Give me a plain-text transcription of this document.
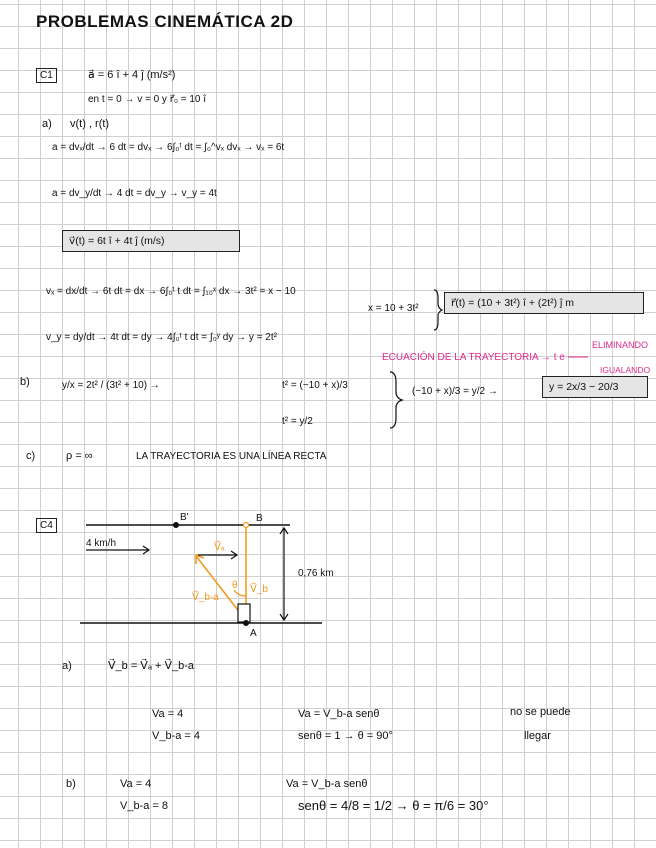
PROBLEMAS CINEMÁTICA 2D
C1	a⃗ = 6 î + 4 ĵ (m/s²)
en t = 0 → v = 0 y r⃗₀ = 10 î
a) v(t) , r(t)
a = dvₓ/dt → 6 dt = dvₓ → 6∫₀ᵗ dt = ∫₀^vₓ dvₓ → vₓ = 6t
a = dv_y/dt → 4 dt = dv_y → v_y = 4t
v⃗(t) = 6t î + 4t ĵ (m/s)
vₓ = dx/dt → 6t dt = dx → 6∫₀ᵗ t dt = ∫₁₀ˣ dx → 3t² = x − 10
x = 10 + 3t²
v_y = dy/dt → 4t dt = dy → 4∫₀ᵗ t dt = ∫₀ʸ dy → y = 2t²
r⃗(t) = (10 + 3t²) î + (2t²) ĵ m
ELIMINANDO
ECUACIÓN DE LA TRAYECTORIA → t e
IGUALANDO
b)	y/x = 2t² / (3t² + 10) →	t² = (−10 + x)/3
t² = y/2
(−10 + x)/3 = y/2 →	y = 2x/3 − 20/3
c)	ρ = ∞	LA TRAYECTORIA ES UNA LÍNEA RECTA
C4
4 km/h
B'	B
A
0,76 km
V⃗ₐ
V⃗_b
V⃗_b-a
θ
a)	V⃗_b = V⃗ₐ + V⃗_b-a
Va = 4
V_b-a = 4
Va = V_b-a senθ
senθ = 1 → θ = 90°
no se puede
llegar
b)	Va = 4
V_b-a = 8
Va = V_b-a senθ
senθ = 4/8 = 1/2 → θ = π/6 = 30°
